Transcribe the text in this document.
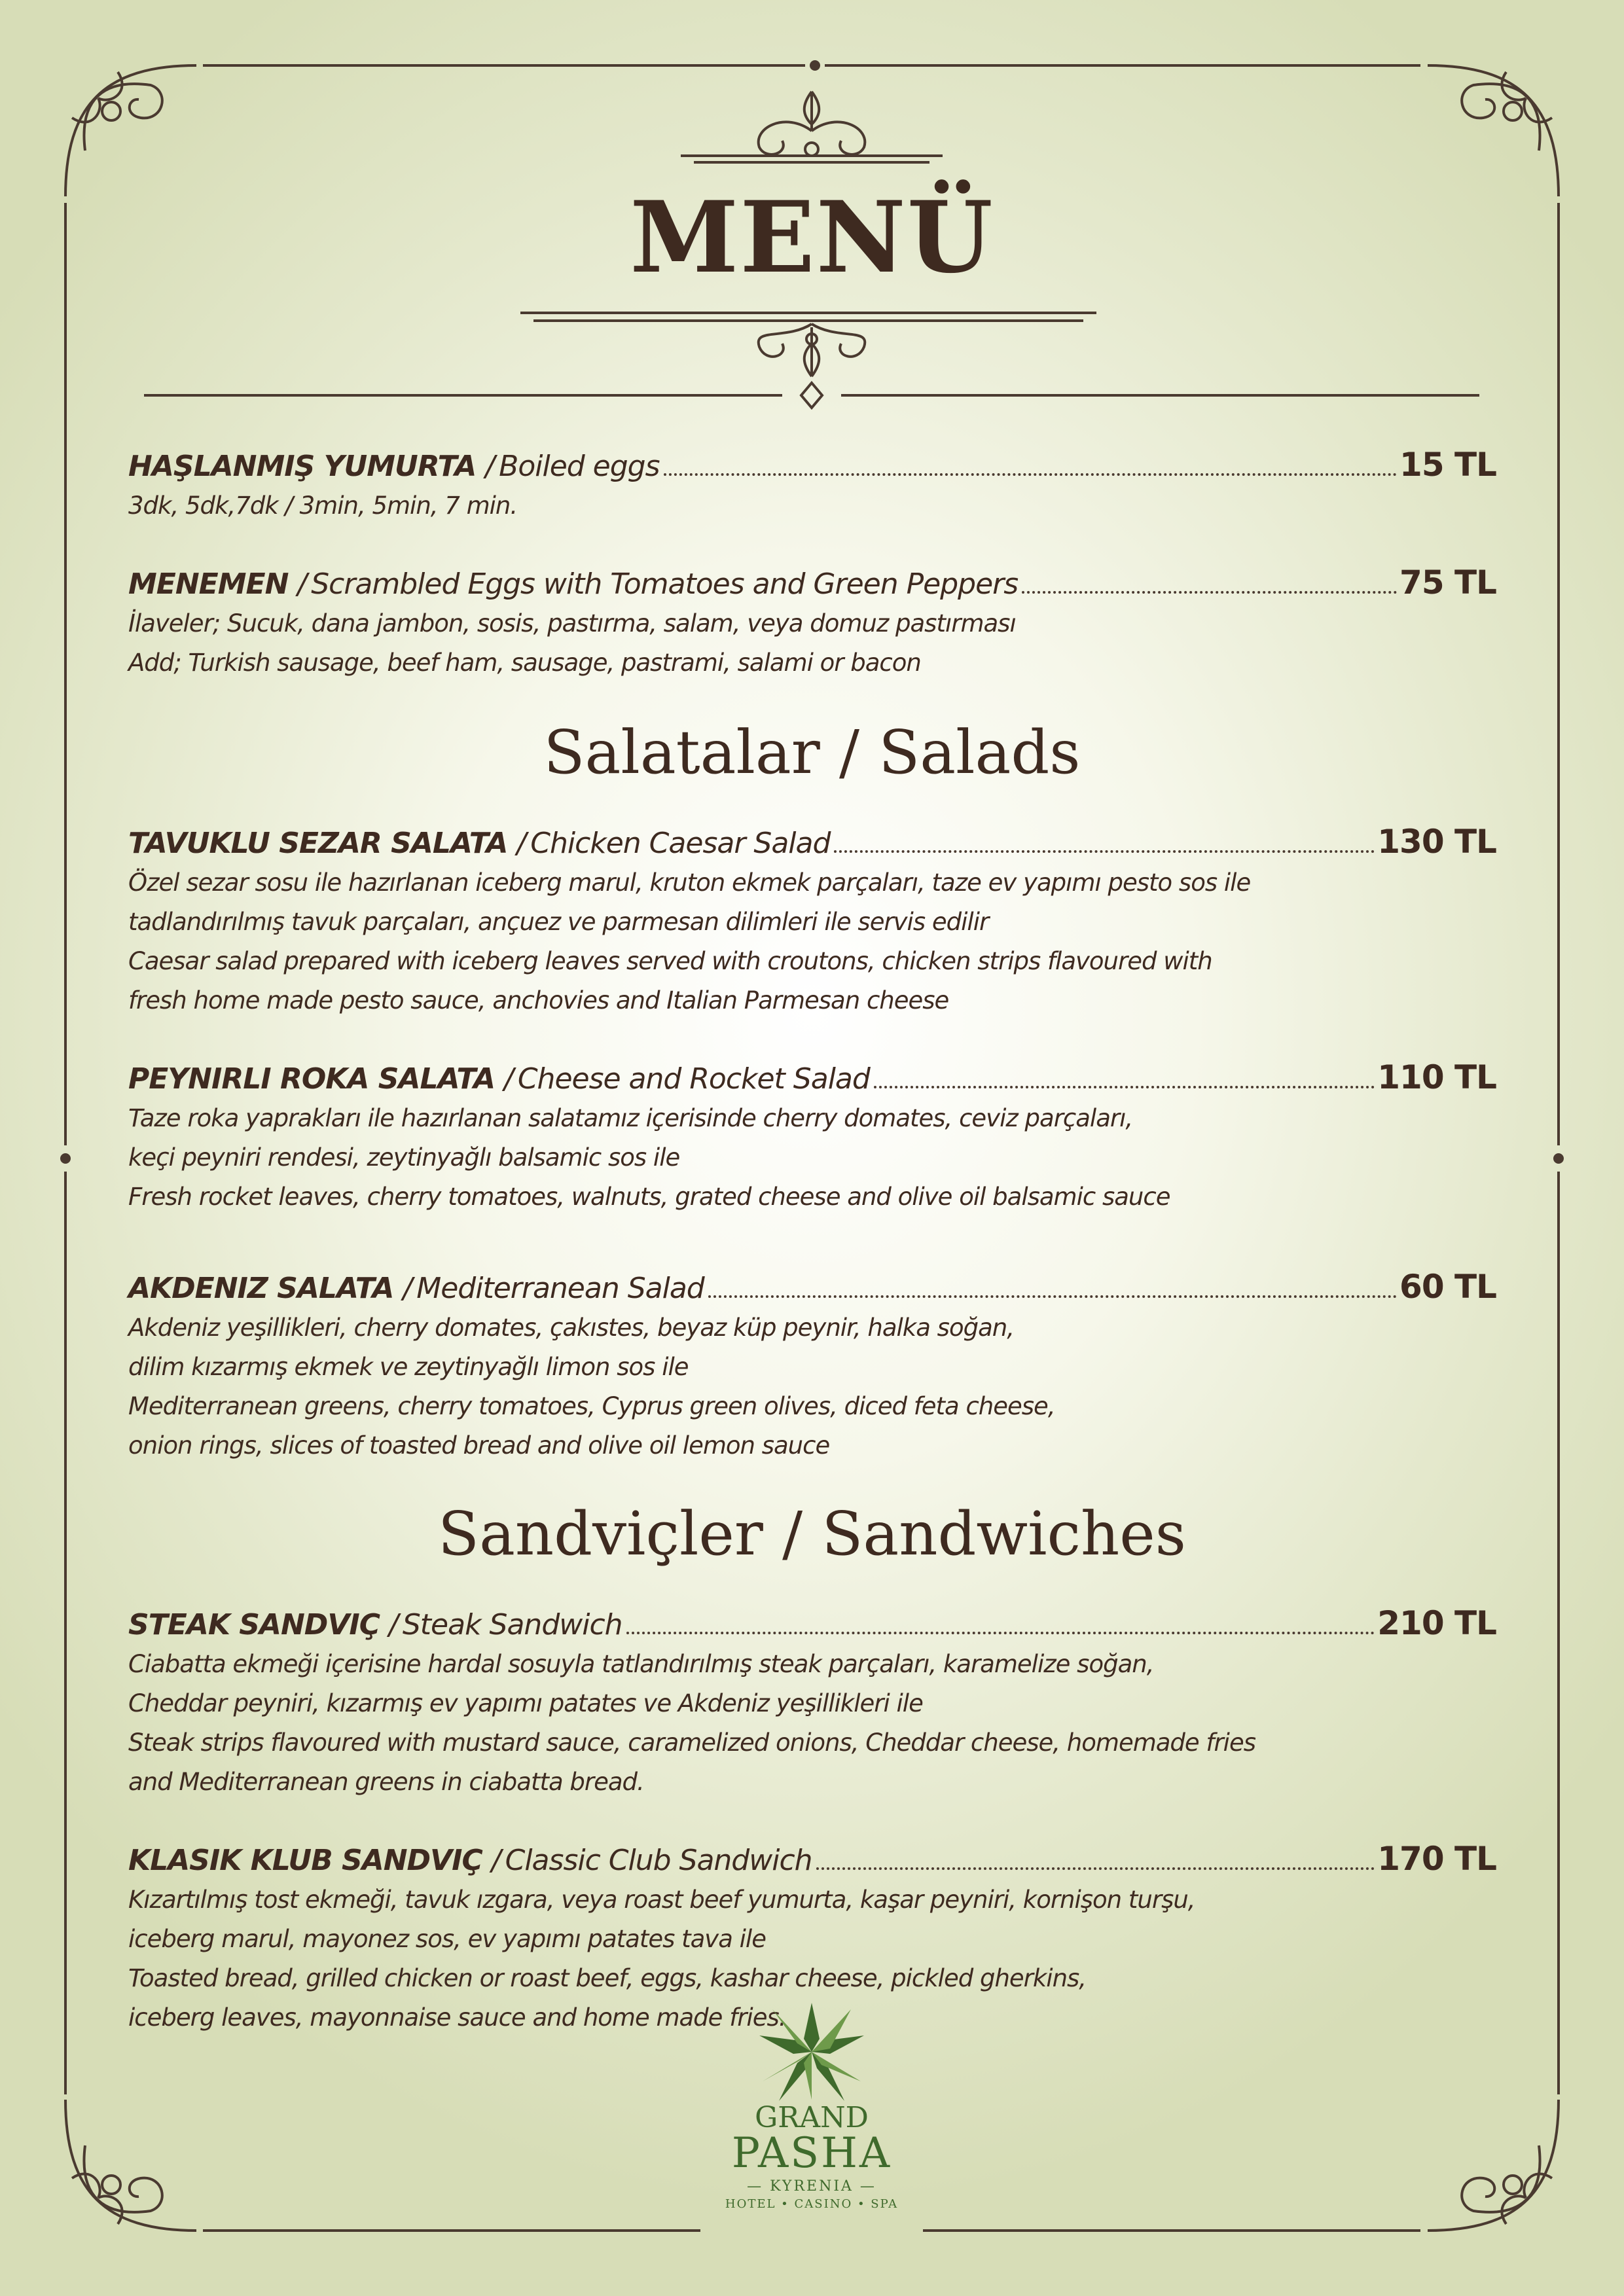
MENÜ
HAŞLANMIŞ YUMURTA / Boiled eggs	15 TL
3dk, 5dk,7dk / 3min, 5min, 7 min.
MENEMEN / Scrambled Eggs with Tomatoes and Green Peppers	75 TL
İlaveler; Sucuk, dana jambon, sosis, pastırma, salam, veya domuz pastırması
Add; Turkish sausage, beef ham, sausage, pastrami, salami or bacon
Salatalar / Salads
TAVUKLU SEZAR SALATA / Chicken Caesar Salad	130 TL
Özel sezar sosu ile hazırlanan iceberg marul, kruton ekmek parçaları, taze ev yapımı pesto sos ile
tadlandırılmış tavuk parçaları, ançuez ve parmesan dilimleri ile servis edilir
Caesar salad prepared with iceberg leaves served with croutons, chicken strips flavoured with
fresh home made pesto sauce, anchovies and Italian Parmesan cheese
PEYNIRLI ROKA SALATA / Cheese and Rocket Salad	110 TL
Taze roka yaprakları ile hazırlanan salatamız içerisinde cherry domates, ceviz parçaları,
keçi peyniri rendesi, zeytinyağlı balsamic sos ile
Fresh rocket leaves, cherry tomatoes, walnuts, grated cheese and olive oil balsamic sauce
AKDENIZ SALATA / Mediterranean Salad	60 TL
Akdeniz yeşillikleri, cherry domates, çakıstes, beyaz küp peynir, halka soğan,
dilim kızarmış ekmek ve zeytinyağlı limon sos ile
Mediterranean greens, cherry tomatoes, Cyprus green olives, diced feta cheese,
onion rings, slices of toasted bread and olive oil lemon sauce
Sandviçler / Sandwiches
STEAK SANDVIÇ / Steak Sandwich	210 TL
Ciabatta ekmeği içerisine hardal sosuyla tatlandırılmış steak parçaları, karamelize soğan,
Cheddar peyniri, kızarmış ev yapımı patates ve Akdeniz yeşillikleri ile
Steak strips flavoured with mustard sauce, caramelized onions, Cheddar cheese, homemade fries
and Mediterranean greens in ciabatta bread.
KLASIK KLUB SANDVIÇ / Classic Club Sandwich	170 TL
Kızartılmış tost ekmeği, tavuk ızgara, veya roast beef yumurta, kaşar peyniri, kornişon turşu,
iceberg marul, mayonez sos, ev yapımı patates tava ile
Toasted bread, grilled chicken or roast beef, eggs, kashar cheese, pickled gherkins,
iceberg leaves, mayonnaise sauce and home made fries.
GRAND
PASHA
— KYRENIA —
HOTEL • CASINO • SPA
